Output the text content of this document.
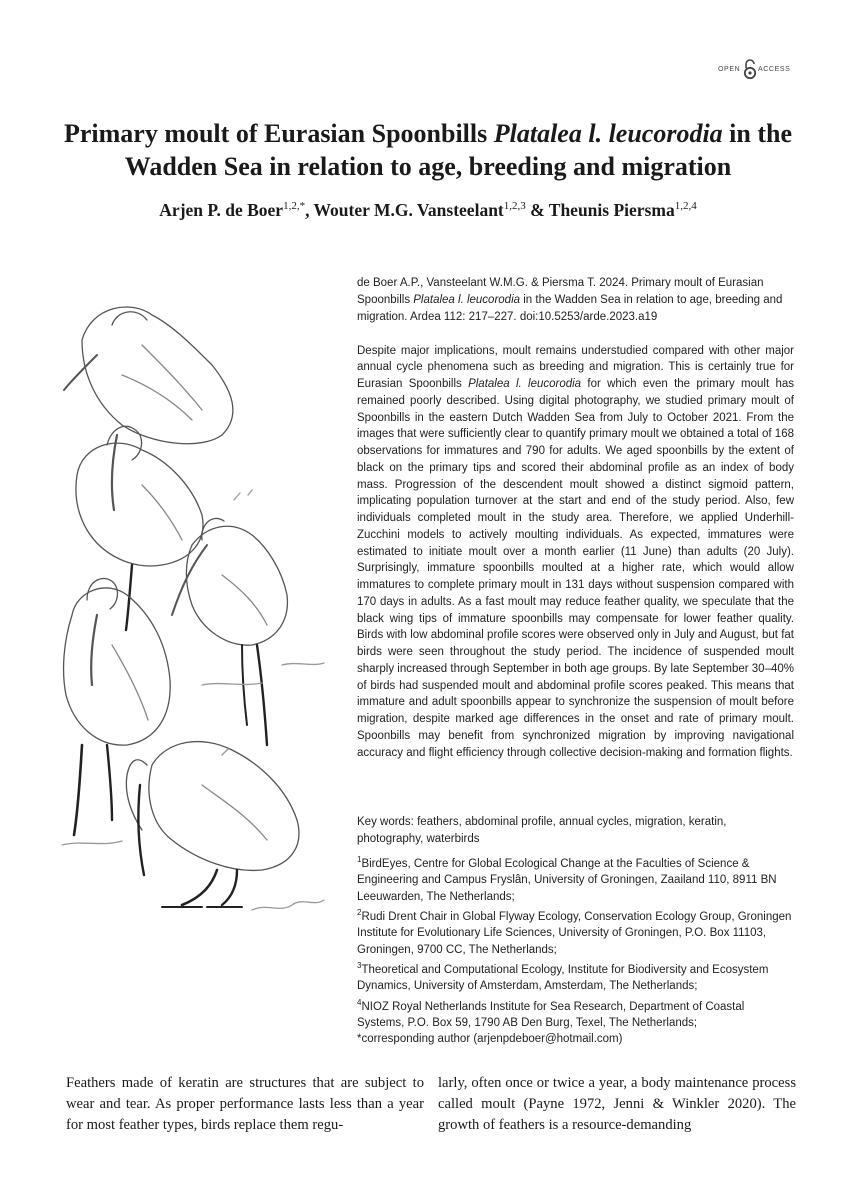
OPEN	ACCESS
Primary moult of Eurasian Spoonbills Platalea l. leucorodia in the Wadden Sea in relation to age, breeding and migration

Arjen P. de Boer$^{1,2,*}$, Wouter M.G. Vansteelant$^{1,2,3}$ & Theunis Piersma$^{1,2,4}$

de Boer A.P., Vansteelant W.M.G. & Piersma T. 2024. Primary moult of Eurasian Spoonbills Platalea l. leucorodia in the Wadden Sea in relation to age, breeding and migration. Ardea 112: 217–227. doi:10.5253/arde.2023.a19

Despite major implications, moult remains understudied compared with other major annual cycle phenomena such as breeding and migration. This is certainly true for Eurasian Spoonbills Platalea l. leucorodia for which even the primary moult has remained poorly described. Using digital photography, we studied primary moult of Spoonbills in the eastern Dutch Wadden Sea from July to October 2021. From the images that were sufficiently clear to quantify primary moult we obtained a total of 168 observations for immatures and 790 for adults. We aged spoonbills by the extent of black on the primary tips and scored their abdominal profile as an index of body mass. Progression of the descendent moult showed a distinct sigmoid pattern, implicating population turnover at the start and end of the study period. Also, few individuals completed moult in the study area. Therefore, we applied Underhill-Zucchini models to actively moulting individuals. As expected, immatures were estimated to initiate moult over a month earlier (11 June) than adults (20 July). Surprisingly, immature spoonbills moulted at a higher rate, which would allow immatures to complete primary moult in 131 days without suspension compared with 170 days in adults. As a fast moult may reduce feather quality, we speculate that the black wing tips of immature spoonbills may compensate for lower feather quality. Birds with low abdominal profile scores were observed only in July and August, but fat birds were seen throughout the study period. The incidence of suspended moult sharply increased through September in both age groups. By late September 30–40% of birds had suspended moult and abdominal profile scores peaked. This means that immature and adult spoonbills appear to synchronize the suspension of moult before migration, despite marked age differences in the onset and rate of primary moult. Spoonbills may benefit from synchronized migration by improving navigational accuracy and flight efficiency through collective decision-making and formation flights.

Key words: feathers, abdominal profile, annual cycles, migration, keratin, photography, waterbirds

$^1$BirdEyes, Centre for Global Ecological Change at the Faculties of Science & Engineering and Campus Fryslân, University of Groningen, Zaailand 110, 8911 BN Leeuwarden, The Netherlands;

$^2$Rudi Drent Chair in Global Flyway Ecology, Conservation Ecology Group, Groningen Institute for Evolutionary Life Sciences, University of Groningen, P.O. Box 11103, Groningen, 9700 CC, The Netherlands;

$^3$Theoretical and Computational Ecology, Institute for Biodiversity and Ecosystem Dynamics, University of Amsterdam, Amsterdam, The Netherlands;

$^4$NIOZ Royal Netherlands Institute for Sea Research, Department of Coastal Systems, P.O. Box 59, 1790 AB Den Burg, Texel, The Netherlands;

*corresponding author (arjenpdeboer@hotmail.com)

Feathers made of keratin are structures that are subject to wear and tear. As proper performance lasts less than a year for most feather types, birds replace them regu-

larly, often once or twice a year, a body maintenance process called moult (Payne 1972, Jenni & Winkler 2020). The growth of feathers is a resource-demanding
